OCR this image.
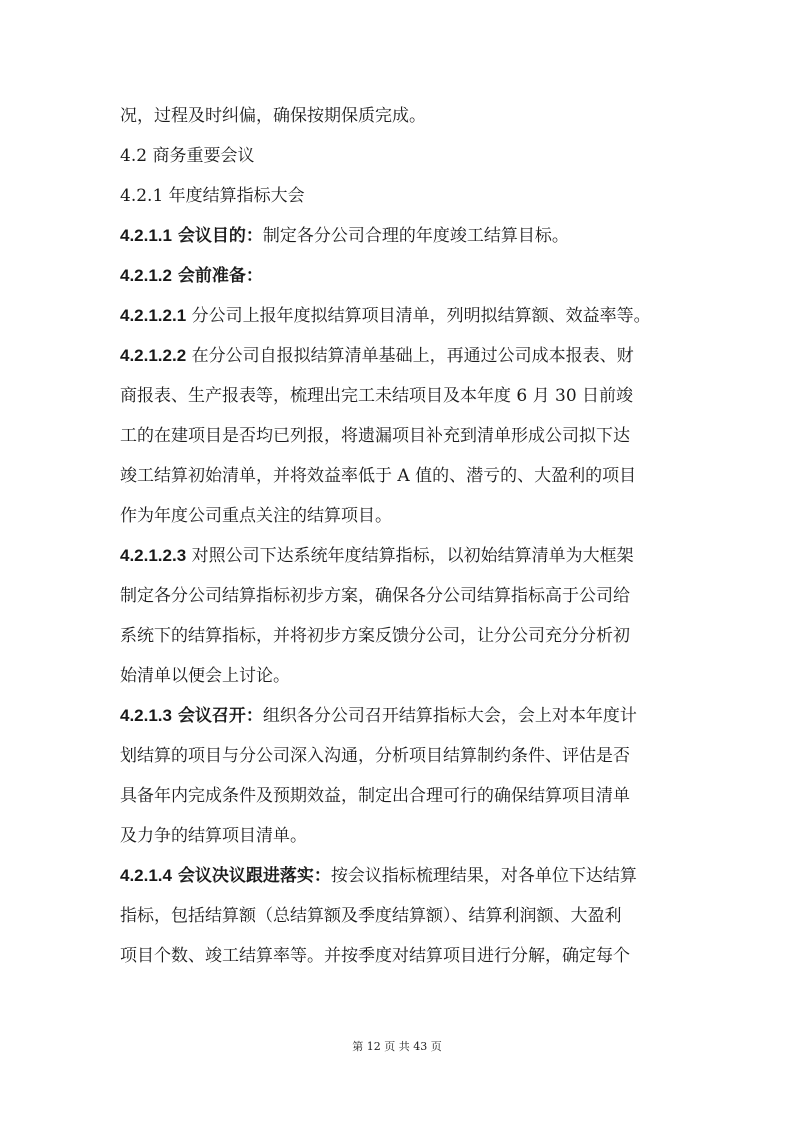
况，过程及时纠偏，确保按期保质完成。
4.2 商务重要会议
4.2.1 年度结算指标大会
4.2.1.1 会议目的：制定各分公司合理的年度竣工结算目标。
4.2.1.2 会前准备：
4.2.1.2.1 分公司上报年度拟结算项目清单，列明拟结算额、效益率等。
4.2.1.2.2 在分公司自报拟结算清单基础上，再通过公司成本报表、财
商报表、生产报表等，梳理出完工未结项目及本年度 6 月 30 日前竣
工的在建项目是否均已列报，将遗漏项目补充到清单形成公司拟下达
竣工结算初始清单，并将效益率低于 A 值的、潜亏的、大盈利的项目
作为年度公司重点关注的结算项目。
4.2.1.2.3 对照公司下达系统年度结算指标，以初始结算清单为大框架
制定各分公司结算指标初步方案，确保各分公司结算指标高于公司给
系统下的结算指标，并将初步方案反馈分公司，让分公司充分分析初
始清单以便会上讨论。
4.2.1.3 会议召开：组织各分公司召开结算指标大会，会上对本年度计
划结算的项目与分公司深入沟通，分析项目结算制约条件、评估是否
具备年内完成条件及预期效益，制定出合理可行的确保结算项目清单
及力争的结算项目清单。
4.2.1.4 会议决议跟进落实：按会议指标梳理结果，对各单位下达结算
指标，包括结算额（总结算额及季度结算额）、结算利润额、大盈利
项目个数、竣工结算率等。并按季度对结算项目进行分解，确定每个
第 12 页 共 43 页
